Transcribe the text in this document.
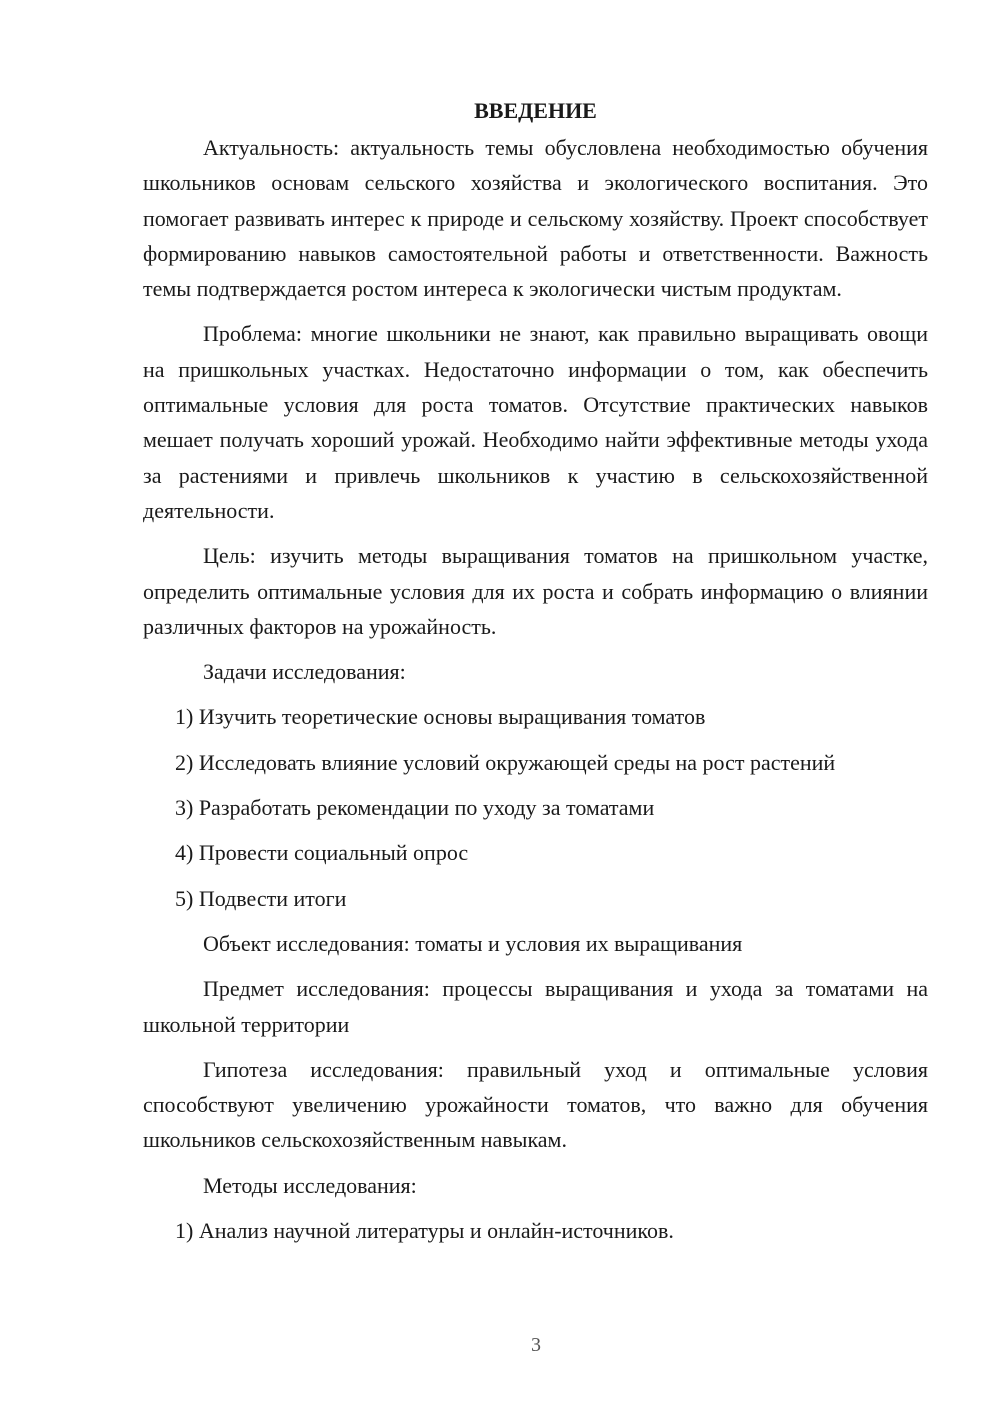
ВВЕДЕНИЕ

Актуальность: актуальность темы обусловлена необходимостью обучения школьников основам сельского хозяйства и экологического воспитания. Это помогает развивать интерес к природе и сельскому хозяйству. Проект способствует формированию навыков самостоятельной работы и ответственности. Важность темы подтверждается ростом интереса к экологически чистым продуктам.

Проблема: многие школьники не знают, как правильно выращивать овощи на пришкольных участках. Недостаточно информации о том, как обеспечить оптимальные условия для роста томатов. Отсутствие практических навыков мешает получать хороший урожай. Необходимо найти эффективные методы ухода за растениями и привлечь школьников к участию в сельскохозяйственной деятельности.

Цель: изучить методы выращивания томатов на пришкольном участке, определить оптимальные условия для их роста и собрать информацию о влиянии различных факторов на урожайность.

Задачи исследования:

1) Изучить теоретические основы выращивания томатов

2) Исследовать влияние условий окружающей среды на рост растений

3) Разработать рекомендации по уходу за томатами

4) Провести социальный опрос

5) Подвести итоги

Объект исследования: томаты и условия их выращивания

Предмет исследования: процессы выращивания и ухода за томатами на школьной территории

Гипотеза исследования: правильный уход и оптимальные условия способствуют увеличению урожайности томатов, что важно для обучения школьников сельскохозяйственным навыкам.

Методы исследования:

1) Анализ научной литературы и онлайн-источников.

3
